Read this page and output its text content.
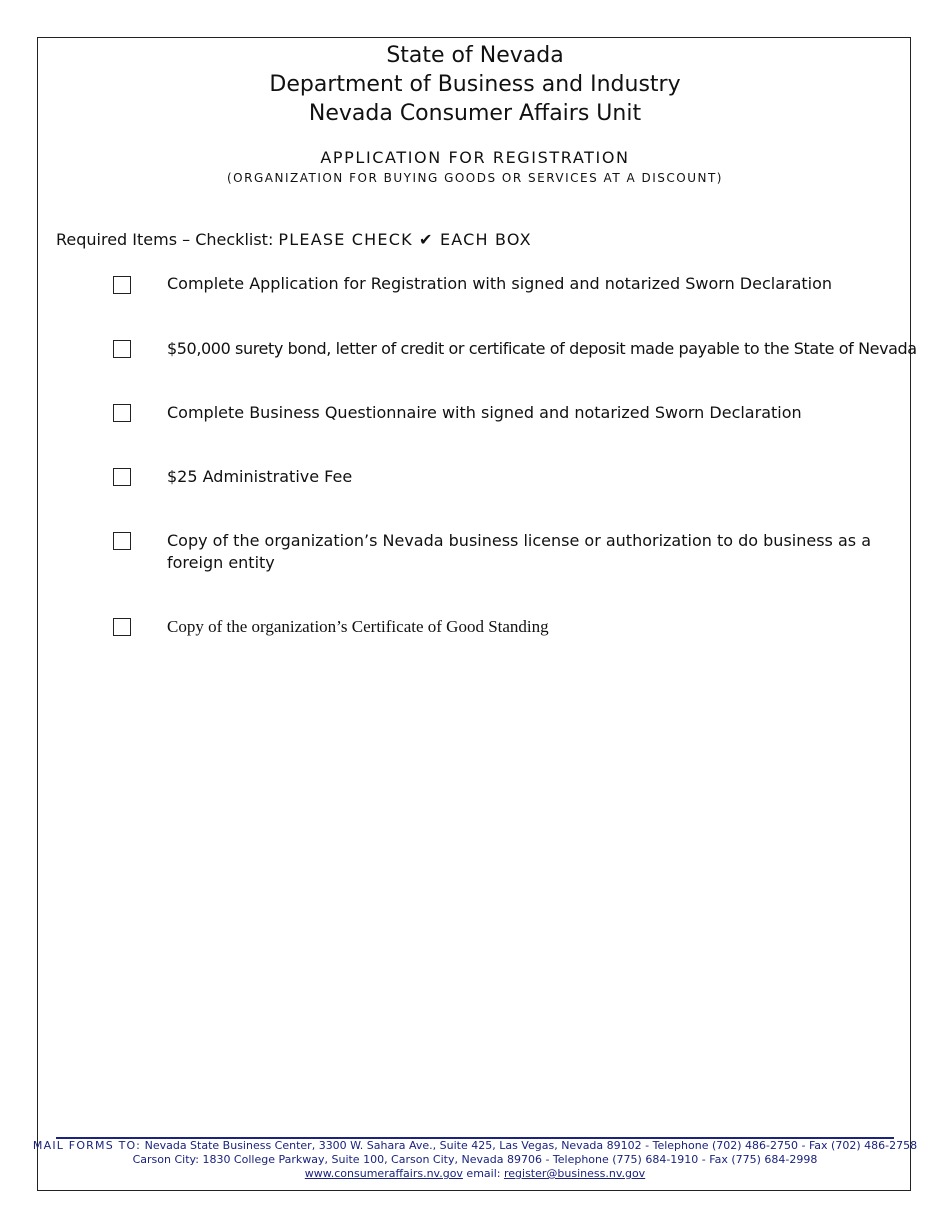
State of Nevada
Department of Business and Industry
Nevada Consumer Affairs Unit
APPLICATION FOR REGISTRATION
(ORGANIZATION FOR BUYING GOODS OR SERVICES AT A DISCOUNT)
Required Items – Checklist: PLEASE CHECK ✔ EACH BOX
Complete Application for Registration with signed and notarized Sworn Declaration
$50,000 surety bond, letter of credit or certificate of deposit made payable to the State of Nevada
Complete Business Questionnaire with signed and notarized Sworn Declaration
$25 Administrative Fee
Copy of the organization’s Nevada business license or authorization to do business as a foreign entity
Copy of the organization’s Certificate of Good Standing
MAIL FORMS TO: Nevada State Business Center, 3300 W. Sahara Ave., Suite 425, Las Vegas, Nevada 89102 - Telephone (702) 486-2750 - Fax (702) 486-2758
Carson City: 1830 College Parkway, Suite 100, Carson City, Nevada 89706 - Telephone (775) 684-1910 - Fax (775) 684-2998
www.consumeraffairs.nv.gov email: register@business.nv.gov
